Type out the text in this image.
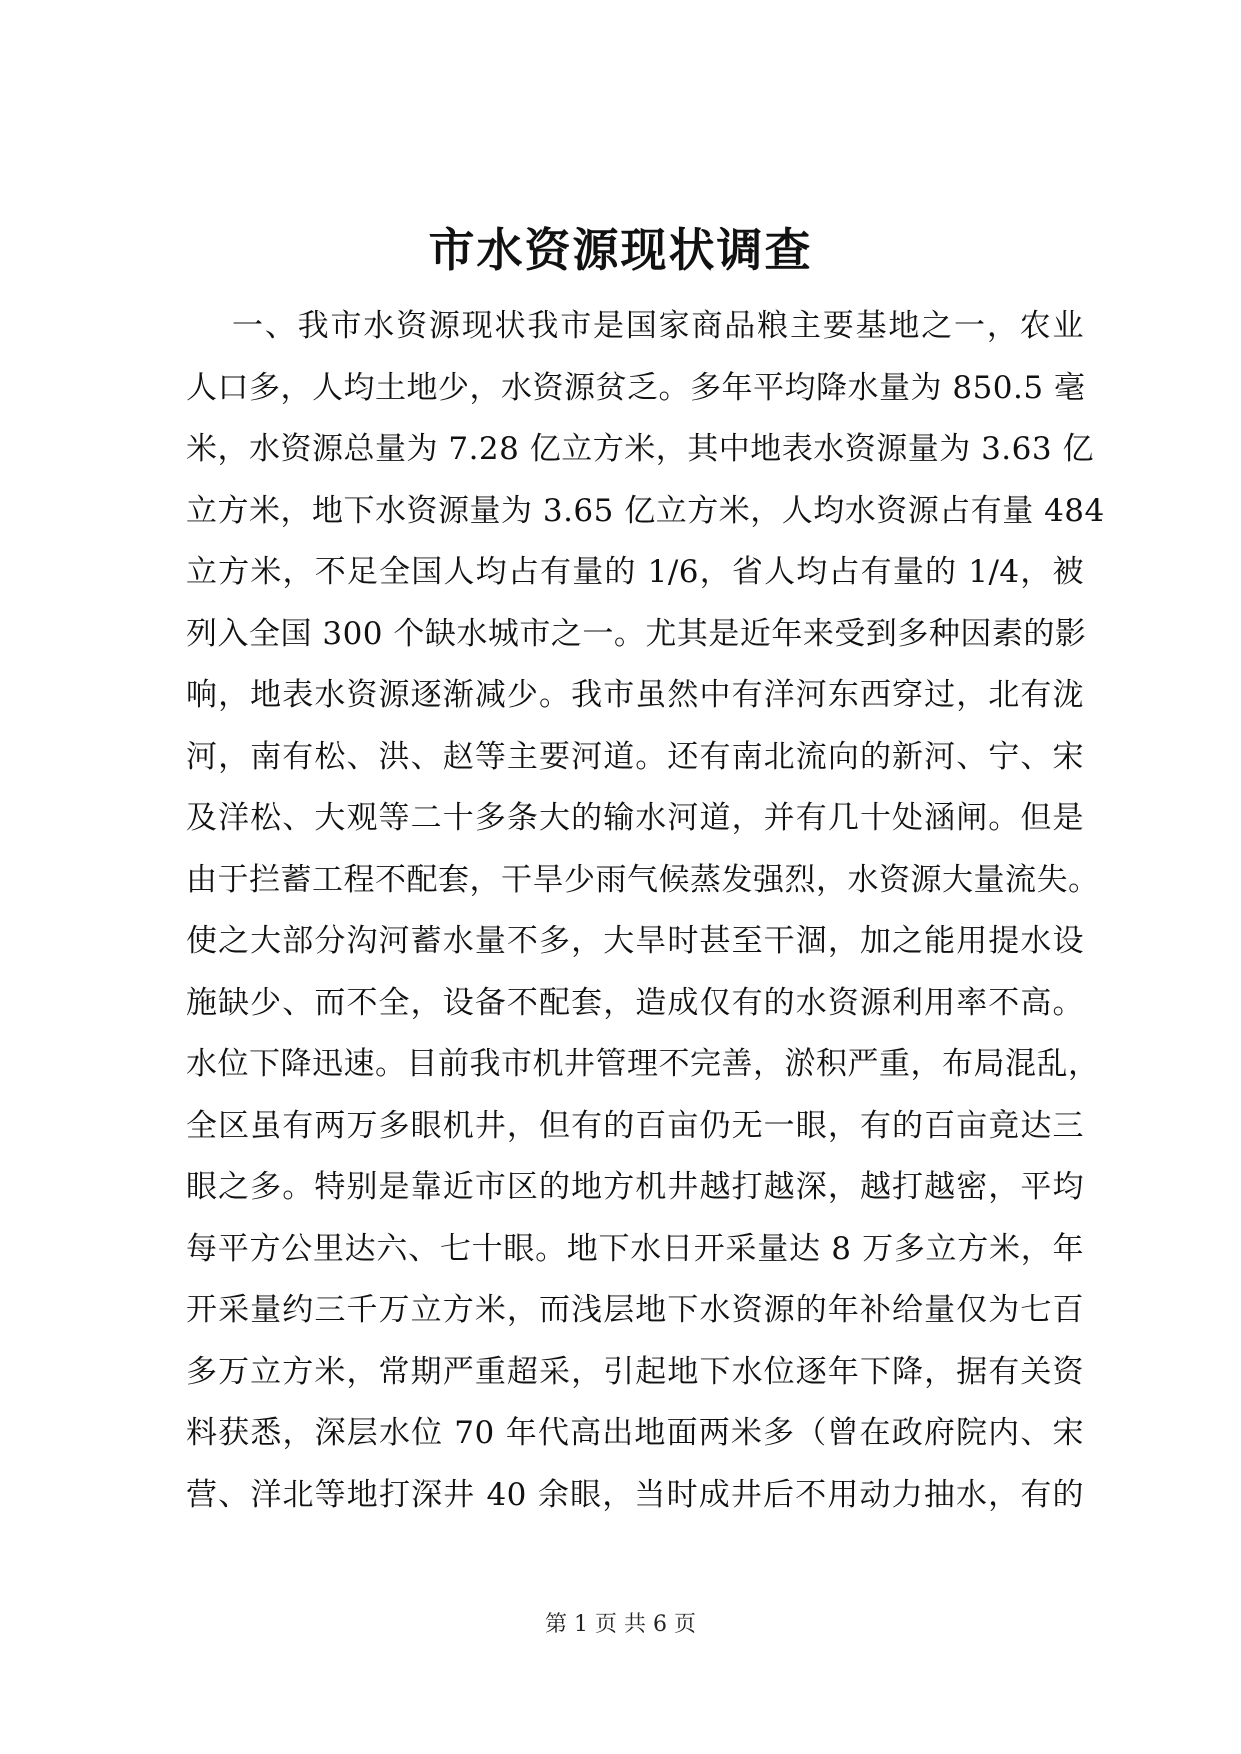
市水资源现状调查
一、我市水资源现状我市是国家商品粮主要基地之一，农业
人口多，人均土地少，水资源贫乏。多年平均降水量为 850.5 毫
米，水资源总量为 7.28 亿立方米，其中地表水资源量为 3.63 亿
立方米，地下水资源量为 3.65 亿立方米，人均水资源占有量 484
立方米，不足全国人均占有量的 1/6，省人均占有量的 1/4，被
列入全国 300 个缺水城市之一。尤其是近年来受到多种因素的影
响，地表水资源逐渐减少。我市虽然中有洋河东西穿过，北有泷
河，南有松、洪、赵等主要河道。还有南北流向的新河、宁、宋
及洋松、大观等二十多条大的输水河道，并有几十处涵闸。但是
由于拦蓄工程不配套，干旱少雨气候蒸发强烈，水资源大量流失。
使之大部分沟河蓄水量不多，大旱时甚至干涸，加之能用提水设
施缺少、而不全，设备不配套，造成仅有的水资源利用率不高。
水位下降迅速。目前我市机井管理不完善，淤积严重，布局混乱，
全区虽有两万多眼机井，但有的百亩仍无一眼，有的百亩竟达三
眼之多。特别是靠近市区的地方机井越打越深，越打越密，平均
每平方公里达六、七十眼。地下水日开采量达 8 万多立方米，年
开采量约三千万立方米，而浅层地下水资源的年补给量仅为七百
多万立方米，常期严重超采，引起地下水位逐年下降，据有关资
料获悉，深层水位 70 年代高出地面两米多（曾在政府院内、宋
营、洋北等地打深井 40 余眼，当时成井后不用动力抽水，有的
第 1 页 共 6 页
